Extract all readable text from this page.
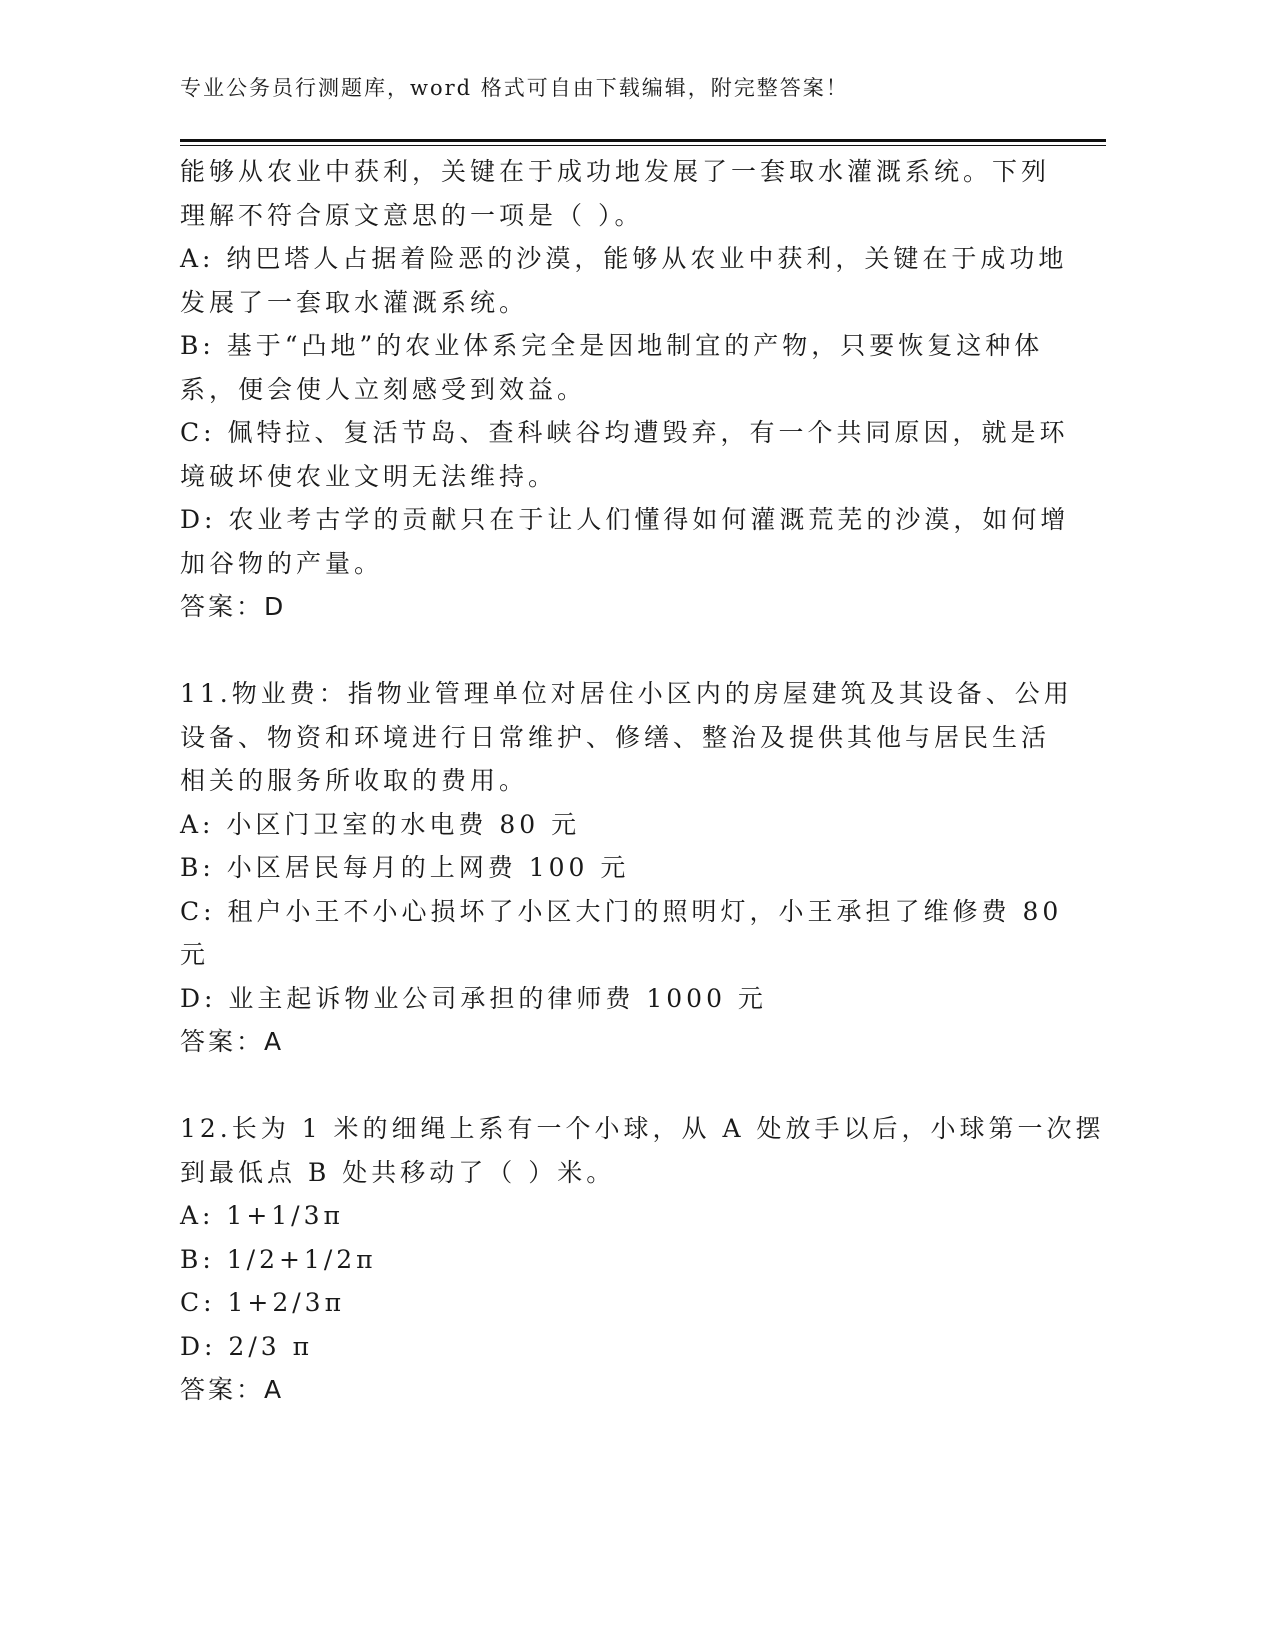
专业公务员行测题库，word 格式可自由下载编辑，附完整答案！
能够从农业中获利，关键在于成功地发展了一套取水灌溉系统。下列
理解不符合原文意思的一项是（ ）。
A: 纳巴塔人占据着险恶的沙漠，能够从农业中获利，关键在于成功地
发展了一套取水灌溉系统。
B: 基于“凸地”的农业体系完全是因地制宜的产物，只要恢复这种体
系，便会使人立刻感受到效益。
C: 佩特拉、复活节岛、查科峡谷均遭毁弃，有一个共同原因，就是环
境破坏使农业文明无法维持。
D: 农业考古学的贡献只在于让人们懂得如何灌溉荒芜的沙漠，如何增
加谷物的产量。
答案：D
11.物业费：指物业管理单位对居住小区内的房屋建筑及其设备、公用
设备、物资和环境进行日常维护、修缮、整治及提供其他与居民生活
相关的服务所收取的费用。
A: 小区门卫室的水电费 80 元
B: 小区居民每月的上网费 100 元
C: 租户小王不小心损坏了小区大门的照明灯，小王承担了维修费 80
元
D: 业主起诉物业公司承担的律师费 1000 元
答案：A
12.长为 1 米的细绳上系有一个小球，从 A 处放手以后，小球第一次摆
到最低点 B 处共移动了（ ）米。
A: 1+1/3π
B: 1/2+1/2π
C: 1+2/3π
D: 2/3 π
答案：A
